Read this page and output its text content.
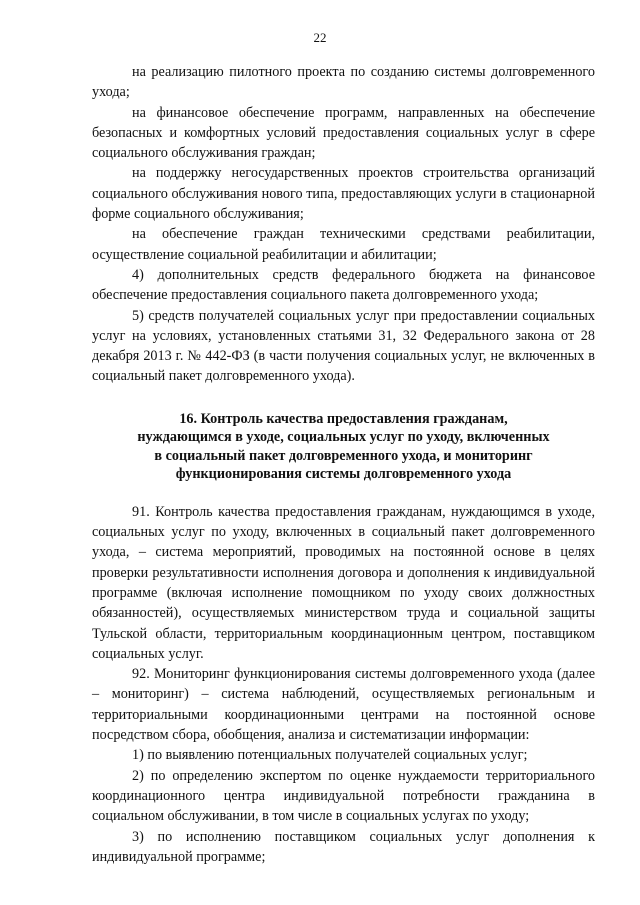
22

на реализацию пилотного проекта по созданию системы долговременного ухода;

на финансовое обеспечение программ, направленных на обеспечение безопасных и комфортных условий предоставления социальных услуг в сфере социального обслуживания граждан;

на поддержку негосударственных проектов строительства организаций социального обслуживания нового типа, предоставляющих услуги в стационарной форме социального обслуживания;

на обеспечение граждан техническими средствами реабилитации, осуществление социальной реабилитации и абилитации;

4) дополнительных средств федерального бюджета на финансовое обеспечение предоставления социального пакета долговременного ухода;

5) средств получателей социальных услуг при предоставлении социальных услуг на условиях, установленных статьями 31, 32 Федерального закона от 28 декабря 2013 г. № 442-ФЗ (в части получения социальных услуг, не включенных в социальный пакет долговременного ухода).

16. Контроль качества предоставления гражданам,
нуждающимся в уходе, социальных услуг по уходу, включенных
в социальный пакет долговременного ухода, и мониторинг
функционирования системы долговременного ухода

91. Контроль качества предоставления гражданам, нуждающимся в уходе, социальных услуг по уходу, включенных в социальный пакет долговременного ухода, – система мероприятий, проводимых на постоянной основе в целях проверки результативности исполнения договора и дополнения к индивидуальной программе (включая исполнение помощником по уходу своих должностных обязанностей), осуществляемых министерством труда и социальной защиты Тульской области, территориальным координационным центром, поставщиком социальных услуг.

92. Мониторинг функционирования системы долговременного ухода (далее – мониторинг) – система наблюдений, осуществляемых региональным и территориальными координационными центрами на постоянной основе посредством сбора, обобщения, анализа и систематизации информации:

1) по выявлению потенциальных получателей социальных услуг;

2) по определению экспертом по оценке нуждаемости территориального координационного центра индивидуальной потребности гражданина в социальном обслуживании, в том числе в социальных услугах по уходу;

3) по исполнению поставщиком социальных услуг дополнения к индивидуальной программе;
